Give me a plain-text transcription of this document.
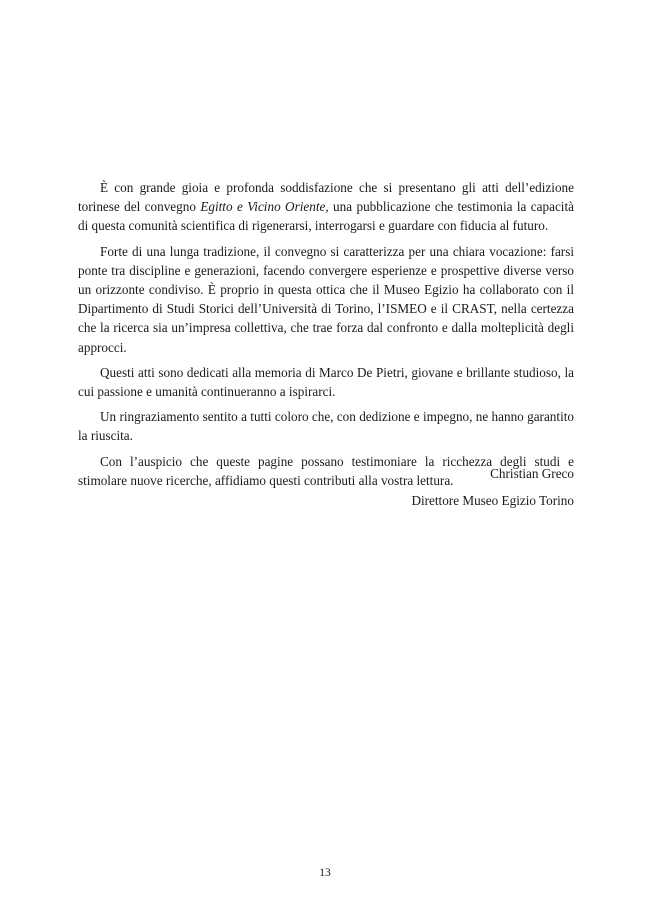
È con grande gioia e profonda soddisfazione che si presentano gli atti dell’edizione torinese del convegno Egitto e Vicino Oriente, una pubblicazione che testimonia la capacità di questa comunità scientifica di rigenerarsi, interrogarsi e guardare con fiducia al futuro.

Forte di una lunga tradizione, il convegno si caratterizza per una chiara vocazione: farsi ponte tra discipline e generazioni, facendo convergere esperienze e prospettive diverse verso un orizzonte condiviso. È proprio in questa ottica che il Museo Egizio ha collaborato con il Dipartimento di Studi Storici dell’Università di Torino, l’ISMEO e il CRAST, nella certezza che la ricerca sia un’impresa collettiva, che trae forza dal confronto e dalla molteplicità degli approcci.

Questi atti sono dedicati alla memoria di Marco De Pietri, giovane e brillante studioso, la cui passione e umanità continueranno a ispirarci.

Un ringraziamento sentito a tutti coloro che, con dedizione e impegno, ne hanno garantito la riuscita.

Con l’auspicio che queste pagine possano testimoniare la ricchezza degli studi e stimolare nuove ricerche, affidiamo questi contributi alla vostra lettura.	Christian Greco
Direttore Museo Egizio Torino
13
